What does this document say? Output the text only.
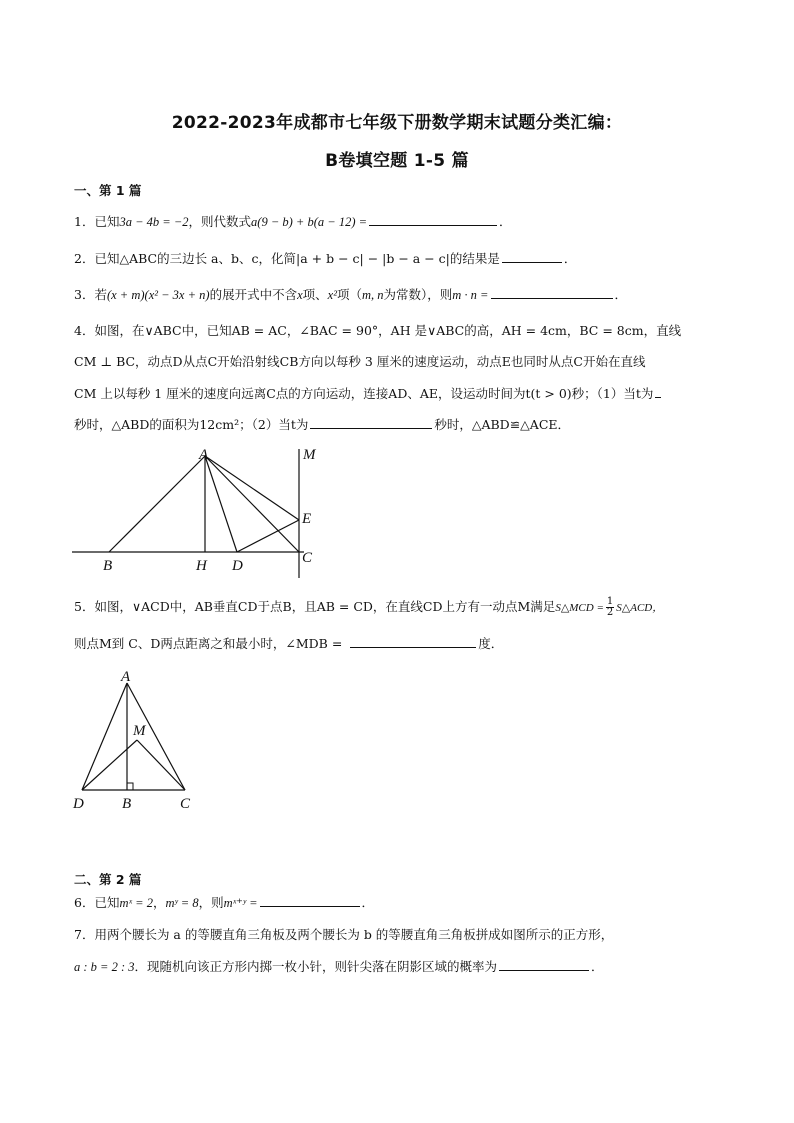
2022-2023年成都市七年级下册数学期末试题分类汇编：
B卷填空题 1-5 篇
一、第 1 篇
1．已知3a − 4b = −2，则代数式a(9 − b) + b(a − 12) =	．
2．已知△ABC的三边长 a、b、c，化简|a + b − c| − |b − a − c|的结果是	．
3．若(x + m)(x² − 3x + n)的展开式中不含x项、x²项（m, n为常数），则m · n =	．
4．如图，在∨ABC中，已知AB = AC，∠BAC = 90°，AH 是∨ABC的高，AH = 4cm，BC = 8cm，直线
CM ⊥ BC，动点D从点C开始沿射线CB方向以每秒 3 厘米的速度运动，动点E也同时从点C开始在直线
CM 上以每秒 1 厘米的速度向远离C点的方向运动，连接AD、AE，设运动时间为t(t > 0)秒；（1）当t为
秒时，△ABD的面积为12cm²；（2）当t为	秒时，△ABD≌△ACE．
A	M
E
C
B	H D
5．如图，∨ACD中，AB垂直CD于点B，且AB = CD，在直线CD上方有一动点M满足S△MCD = $\frac{1}{2}$ S△ACD，
则点M到 C、D两点距离之和最小时，∠MDB =	度．
A
M
D	B	C
二、第 2 篇
6．已知mˣ = 2，mʸ = 8，则mˣ⁺ʸ =	．
7．用两个腰长为 a 的等腰直角三角板及两个腰长为 b 的等腰直角三角板拼成如图所示的正方形，
a : b = 2 : 3．现随机向该正方形内掷一枚小针，则针尖落在阴影区域的概率为	．
